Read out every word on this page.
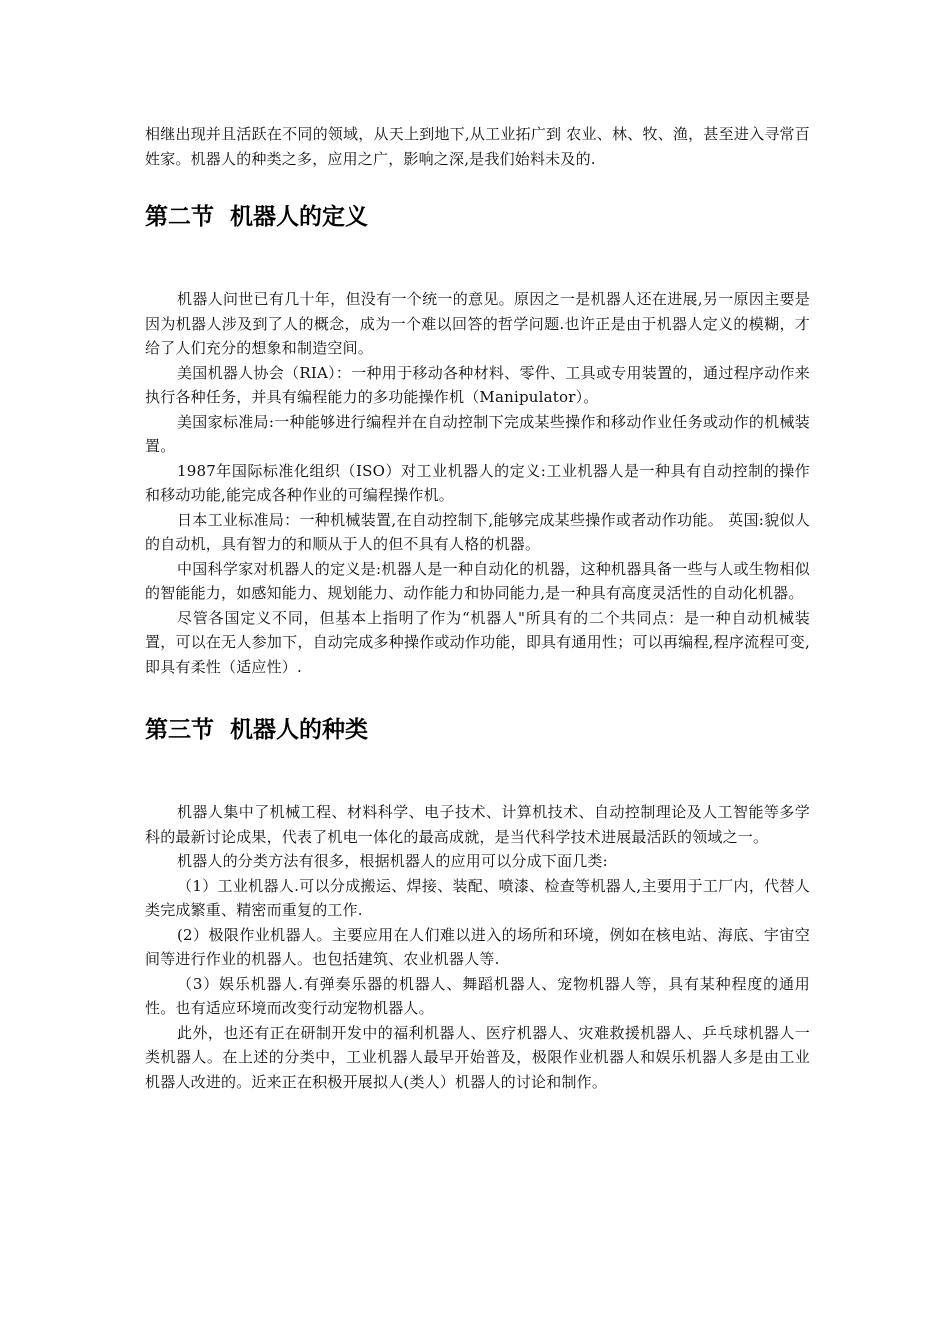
相继出现并且活跃在不同的领域，从天上到地下,从工业拓广到 农业、林、牧、渔，甚至进入寻常百姓家。机器人的种类之多，应用之广，影响之深,是我们始料未及的.

第二节  机器人的定义

机器人问世已有几十年，但没有一个统一的意见。原因之一是机器人还在进展,另一原因主要是因为机器人涉及到了人的概念，成为一个难以回答的哲学问题.也许正是由于机器人定义的模糊，才给了人们充分的想象和制造空间。

美国机器人协会（RIA）：一种用于移动各种材料、零件、工具或专用装置的，通过程序动作来执行各种任务，并具有编程能力的多功能操作机（Manipulator）。

美国家标准局:一种能够进行编程并在自动控制下完成某些操作和移动作业任务或动作的机械装置。

1987年国际标准化组织（ISO）对工业机器人的定义:工业机器人是一种具有自动控制的操作和移动功能,能完成各种作业的可编程操作机。

日本工业标准局：一种机械装置,在自动控制下,能够完成某些操作或者动作功能。 英国:貌似人的自动机，具有智力的和顺从于人的但不具有人格的机器。

中国科学家对机器人的定义是:机器人是一种自动化的机器，这种机器具备一些与人或生物相似的智能能力，如感知能力、规划能力、动作能力和协同能力,是一种具有高度灵活性的自动化机器。

尽管各国定义不同，但基本上指明了作为“机器人"所具有的二个共同点：是一种自动机械装置，可以在无人参加下，自动完成多种操作或动作功能，即具有通用性；可以再编程,程序流程可变,即具有柔性（适应性）.

第三节  机器人的种类

机器人集中了机械工程、材料科学、电子技术、计算机技术、自动控制理论及人工智能等多学科的最新讨论成果，代表了机电一体化的最高成就，是当代科学技术进展最活跃的领域之一。

机器人的分类方法有很多，根据机器人的应用可以分成下面几类:

（1）工业机器人.可以分成搬运、焊接、装配、喷漆、检查等机器人,主要用于工厂内，代替人类完成繁重、精密而重复的工作.

(2）极限作业机器人。主要应用在人们难以进入的场所和环境，例如在核电站、海底、宇宙空间等进行作业的机器人。也包括建筑、农业机器人等.

（3）娱乐机器人.有弹奏乐器的机器人、舞蹈机器人、宠物机器人等，具有某种程度的通用性。也有适应环境而改变行动宠物机器人。

此外，也还有正在研制开发中的福利机器人、医疗机器人、灾难救援机器人、乒乓球机器人一类机器人。在上述的分类中，工业机器人最早开始普及，极限作业机器人和娱乐机器人多是由工业机器人改进的。近来正在积极开展拟人(类人）机器人的讨论和制作。
